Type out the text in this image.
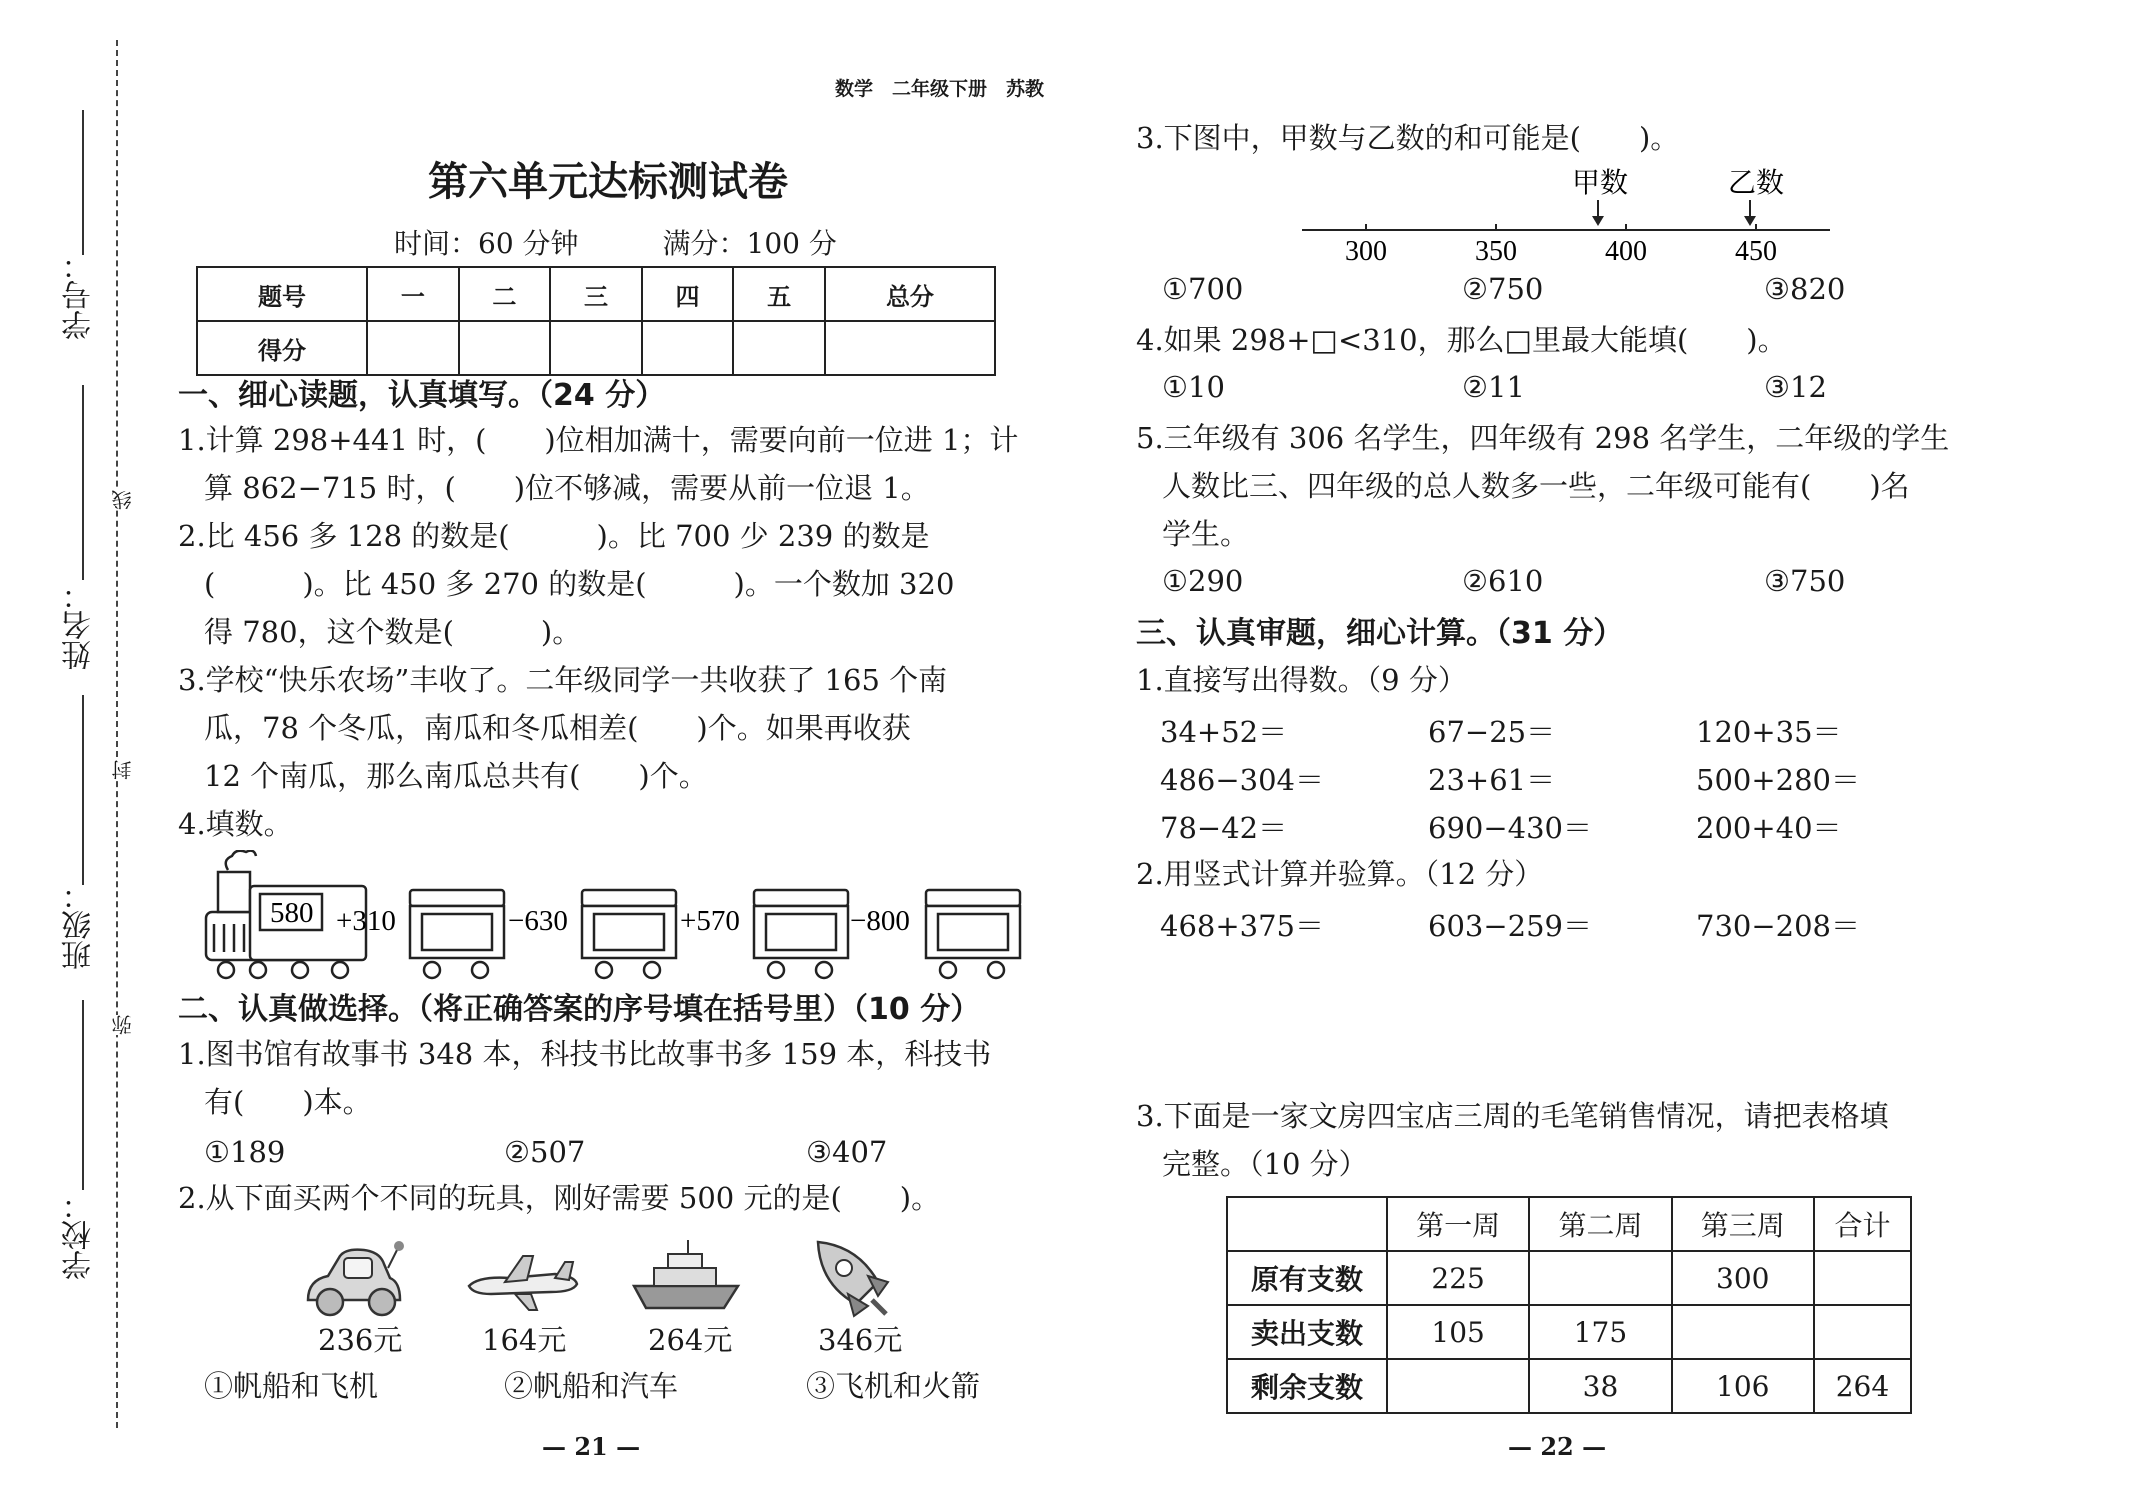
学号：
姓名：
班级：
学校：
线
封
弥
数学　二年级下册　苏教
第六单元达标测试卷
时间：60 分钟　　　满分：100 分
题号	一	二	三	四	五	总分
得分						
一、细心读题，认真填写。（24 分）
1.计算 298+441 时，(　　)位相加满十，需要向前一位进 1；计
算 862−715 时，(　　)位不够减，需要从前一位退 1。
2.比 456 多 128 的数是(　　　)。比 700 少 239 的数是
(　　　)。比 450 多 270 的数是(　　　)。一个数加 320
得 780，这个数是(　　　)。
3.学校“快乐农场”丰收了。二年级同学一共收获了 165 个南
瓜，78 个冬瓜，南瓜和冬瓜相差(　　)个。如果再收获
12 个南瓜，那么南瓜总共有(　　)个。
4.填数。
580 +310	−630	+570	−800
二、认真做选择。（将正确答案的序号填在括号里）（10 分）
1.图书馆有故事书 348 本，科技书比故事书多 159 本，科技书
有(　　)本。
①189	②507	③407
2.从下面买两个不同的玩具，刚好需要 500 元的是(　　)。
236元	164元	264元	346元
①帆船和飞机	②帆船和汽车	③飞机和火箭
— 21 —
3.下图中，甲数与乙数的和可能是(　　)。
甲数	乙数
300	350	400	450
①700	②750	③820
4.如果 298+□<310，那么□里最大能填(　　)。
①10	②11	③12
5.三年级有 306 名学生，四年级有 298 名学生，二年级的学生
人数比三、四年级的总人数多一些，二年级可能有(　　)名
学生。
①290	②610	③750
三、认真审题，细心计算。（31 分）
1.直接写出得数。（9 分）
34+52＝	67−25＝	120+35＝
486−304＝	23+61＝	500+280＝
78−42＝	690−430＝	200+40＝
2.用竖式计算并验算。（12 分）
468+375＝	603−259＝	730−208＝
3.下面是一家文房四宝店三周的毛笔销售情况，请把表格填
完整。（10 分）
	第一周	第二周	第三周	合计
原有支数	225		300	
卖出支数	105	175		
剩余支数		38	106	264
— 22 —
